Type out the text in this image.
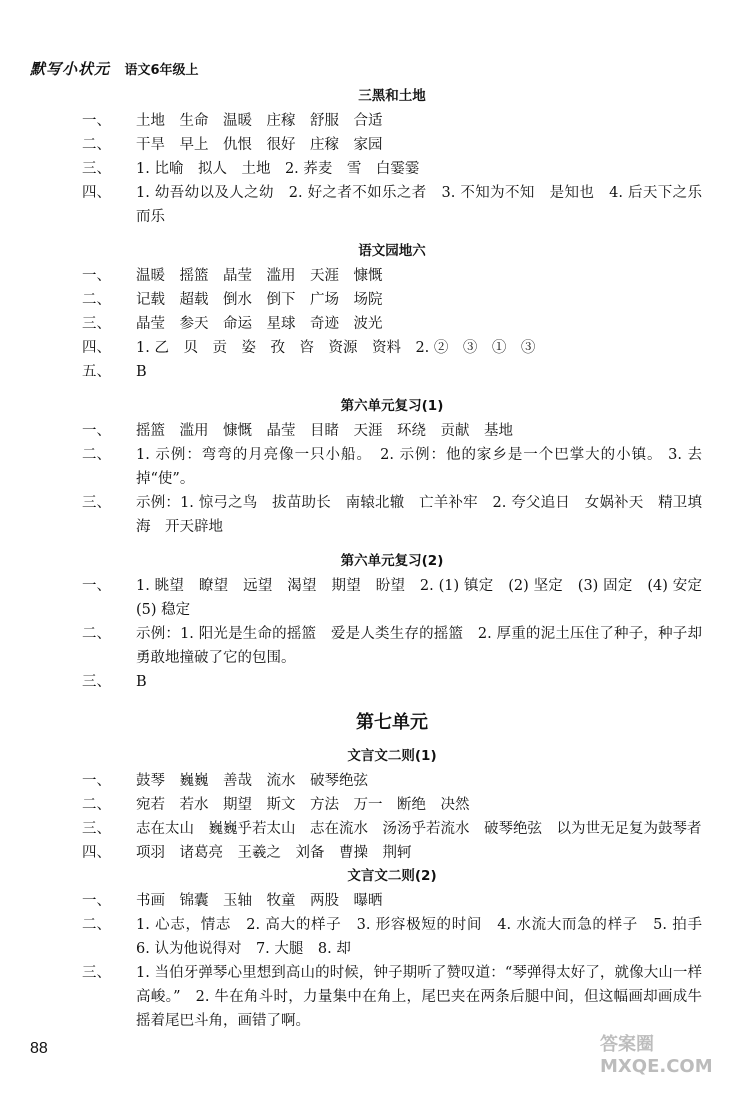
默写小状元 语文6年级上
三黑和土地
一、	土地　生命　温暖　庄稼　舒服　合适
二、	干旱　早上　仇恨　很好　庄稼　家园
三、	1. 比喻　拟人　土地　2. 荞麦　雪　白霎霎
四、	1. 幼吾幼以及人之幼　2. 好之者不如乐之者　3. 不知为不知　是知也　4. 后天下之乐而乐
语文园地六
一、	温暖　摇篮　晶莹　滥用　天涯　慷慨
二、	记载　超载　倒水　倒下　广场　场院
三、	晶莹　参天　命运　星球　奇迹　波光
四、	1. 乙　贝　贡　姿　孜　咨　资源　资料　2. ②　③　①　③
五、	B
第六单元复习(1)
一、	摇篮　滥用　慷慨　晶莹　目睹　天涯　环绕　贡献　基地
二、	1. 示例：弯弯的月亮像一只小船。　2. 示例：他的家乡是一个巴掌大的小镇。 3. 去掉“使”。
三、	示例：1. 惊弓之鸟　拔苗助长　南辕北辙　亡羊补牢　2. 夸父追日　女娲补天　精卫填海　开天辟地
第六单元复习(2)
一、	1. 眺望　瞭望　远望　渴望　期望　盼望　2. (1) 镇定　(2) 坚定　(3) 固定　(4) 安定　(5) 稳定
二、	示例：1. 阳光是生命的摇篮　爱是人类生存的摇篮　2. 厚重的泥土压住了种子，种子却勇敢地撞破了它的包围。
三、	B
第七单元
文言文二则(1)
一、	鼓琴　巍巍　善哉　流水　破琴绝弦
二、	宛若　若水　期望　斯文　方法　万一　断绝　决然
三、	志在太山　巍巍乎若太山　志在流水　汤汤乎若流水　破琴绝弦　以为世无足复为鼓琴者
四、	项羽　诸葛亮　王羲之　刘备　曹操　荆轲
文言文二则(2)
一、	书画　锦囊　玉轴　牧童　两股　曝晒
二、	1. 心志，情志　2. 高大的样子　3. 形容极短的时间　4. 水流大而急的样子　5. 拍手　6. 认为他说得对　7. 大腿　8. 却
三、	1. 当伯牙弹琴心里想到高山的时候，钟子期听了赞叹道：“琴弹得太好了，就像大山一样高峻。”　2. 牛在角斗时，力量集中在角上，尾巴夹在两条后腿中间，但这幅画却画成牛摇着尾巴斗角，画错了啊。
88	答案圈 MXQE.COM
